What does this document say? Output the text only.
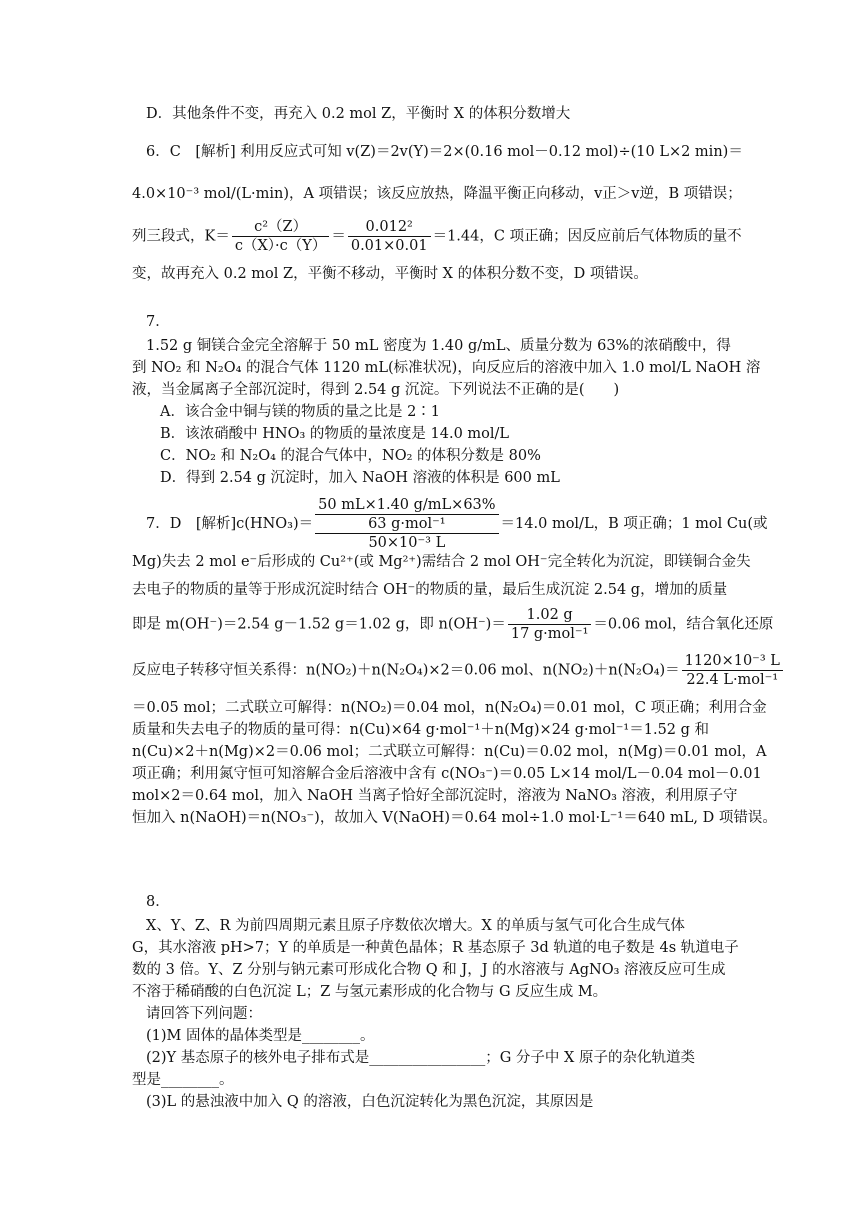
D．其他条件不变，再充入 0.2 mol Z，平衡时 X 的体积分数增大
6．C　[解析] 利用反应式可知 v(Z)＝2v(Y)＝2×(0.16 mol－0.12 mol)÷(10 L×2 min)＝
4.0×10⁻³ mol/(L·min)，A 项错误；该反应放热，降温平衡正向移动，v正＞v逆，B 项错误；
列三段式，$K= \frac{\text{c²（Z）}}{c(X)\cdot c(Y)} = \frac{\text{0.012²}}{0.01\times 0.01} =1.44$，C 项正确；因反应前后气体物质的量不
变，故再充入 0.2 mol Z，平衡不移动，平衡时 X 的体积分数不变，D 项错误。
7．
1.52 g 铜镁合金完全溶解于 50 mL 密度为 1.40 g/mL、质量分数为 63%的浓硝酸中，得
到 NO₂ 和 N₂O₄ 的混合气体 1120 mL(标准状况)，向反应后的溶液中加入 1.0 mol/L NaOH 溶
液，当金属离子全部沉淀时，得到 2.54 g 沉淀。下列说法不正确的是(　　)
A．该合金中铜与镁的物质的量之比是 2∶1
B．该浓硝酸中 HNO₃ 的物质的量浓度是 14.0 mol/L
C．NO₂ 和 N₂O₄ 的混合气体中，NO₂ 的体积分数是 80%
D．得到 2.54 g 沉淀时，加入 NaOH 溶液的体积是 600 mL
7．D　[解析]c(HNO₃)＝
50 mL×1.40 g/mL×63%
63 g·mol⁻¹
50×10⁻³ L
＝14.0 mol/L，B 项正确；1 mol Cu(或
Mg)失去 2 mol e⁻后形成的 Cu²⁺(或 Mg²⁺)需结合 2 mol OH⁻完全转化为沉淀，即镁铜合金失
去电子的物质的量等于形成沉淀时结合 OH⁻的物质的量，最后生成沉淀 2.54 g，增加的质量
即是 m(OH⁻)＝2.54 g－1.52 g＝1.02 g，即 $n(OH^-)= \frac{1.02 g}{\text{17 g·mol⁻¹}} =0.06$ mol，结合氧化还原
反应电子转移守恒关系得：n(NO₂)＋n(N₂O₄)×2＝0.06 mol、$n(NO_2)+n(N_2O_4)= \frac{\text{1120×10⁻³ L}}{\text{22.4 L·mol⁻¹}}$
＝0.05 mol；二式联立可解得：n(NO₂)＝0.04 mol，n(N₂O₄)＝0.01 mol，C 项正确；利用合金
质量和失去电子的物质的量可得：n(Cu)×64 g·mol⁻¹＋n(Mg)×24 g·mol⁻¹＝1.52 g 和
n(Cu)×2＋n(Mg)×2＝0.06 mol；二式联立可解得：n(Cu)＝0.02 mol，n(Mg)＝0.01 mol，A
项正确；利用氮守恒可知溶解合金后溶液中含有 c(NO₃⁻)＝0.05 L×14 mol/L－0.04 mol－0.01
mol×2＝0.64 mol，加入 NaOH 当离子恰好全部沉淀时，溶液为 NaNO₃ 溶液，利用原子守
恒加入 n(NaOH)＝n(NO₃⁻)，故加入 V(NaOH)＝0.64 mol÷1.0 mol·L⁻¹＝640 mL, D 项错误。
8．
X、Y、Z、R 为前四周期元素且原子序数依次增大。X 的单质与氢气可化合生成气体
G，其水溶液 pH>7；Y 的单质是一种黄色晶体；R 基态原子 3d 轨道的电子数是 4s 轨道电子
数的 3 倍。Y、Z 分别与钠元素可形成化合物 Q 和 J，J 的水溶液与 AgNO₃ 溶液反应可生成
不溶于稀硝酸的白色沉淀 L；Z 与氢元素形成的化合物与 G 反应生成 M。
请回答下列问题：
(1)M 固体的晶体类型是________。
(2)Y 基态原子的核外电子排布式是________________；G 分子中 X 原子的杂化轨道类
型是________。
(3)L 的悬浊液中加入 Q 的溶液，白色沉淀转化为黑色沉淀，其原因是
